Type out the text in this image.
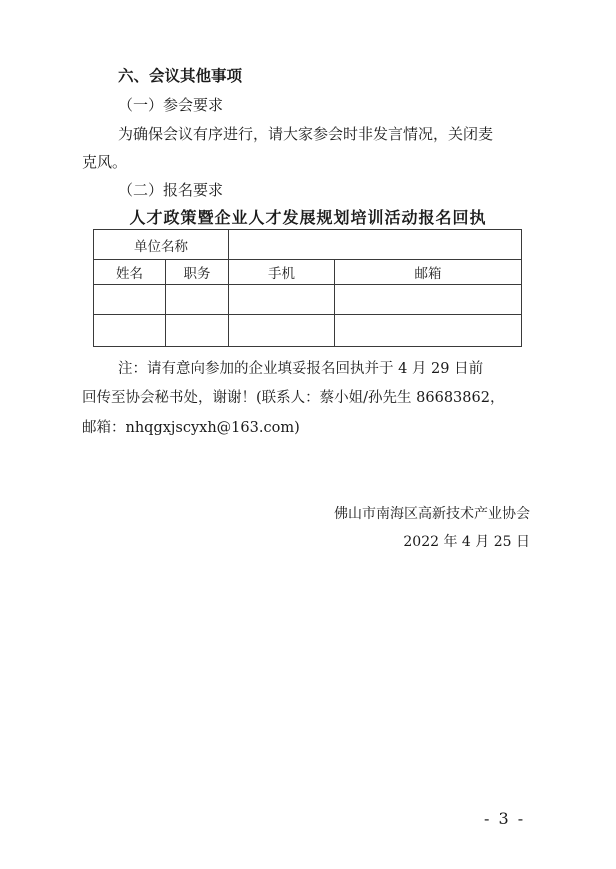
六、会议其他事项
（一）参会要求
为确保会议有序进行，请大家参会时非发言情况，关闭麦
克风。
（二）报名要求
人才政策暨企业人才发展规划培训活动报名回执
单位名称			
姓名	职务	手机	邮箱

注：请有意向参加的企业填妥报名回执并于 4 月 29 日前
回传至协会秘书处，谢谢！(联系人：蔡小姐/孙先生 86683862，
邮箱：nhqgxjscyxh@163.com)
佛山市南海区高新技术产业协会
2022 年 4 月 25 日
- 3 -
